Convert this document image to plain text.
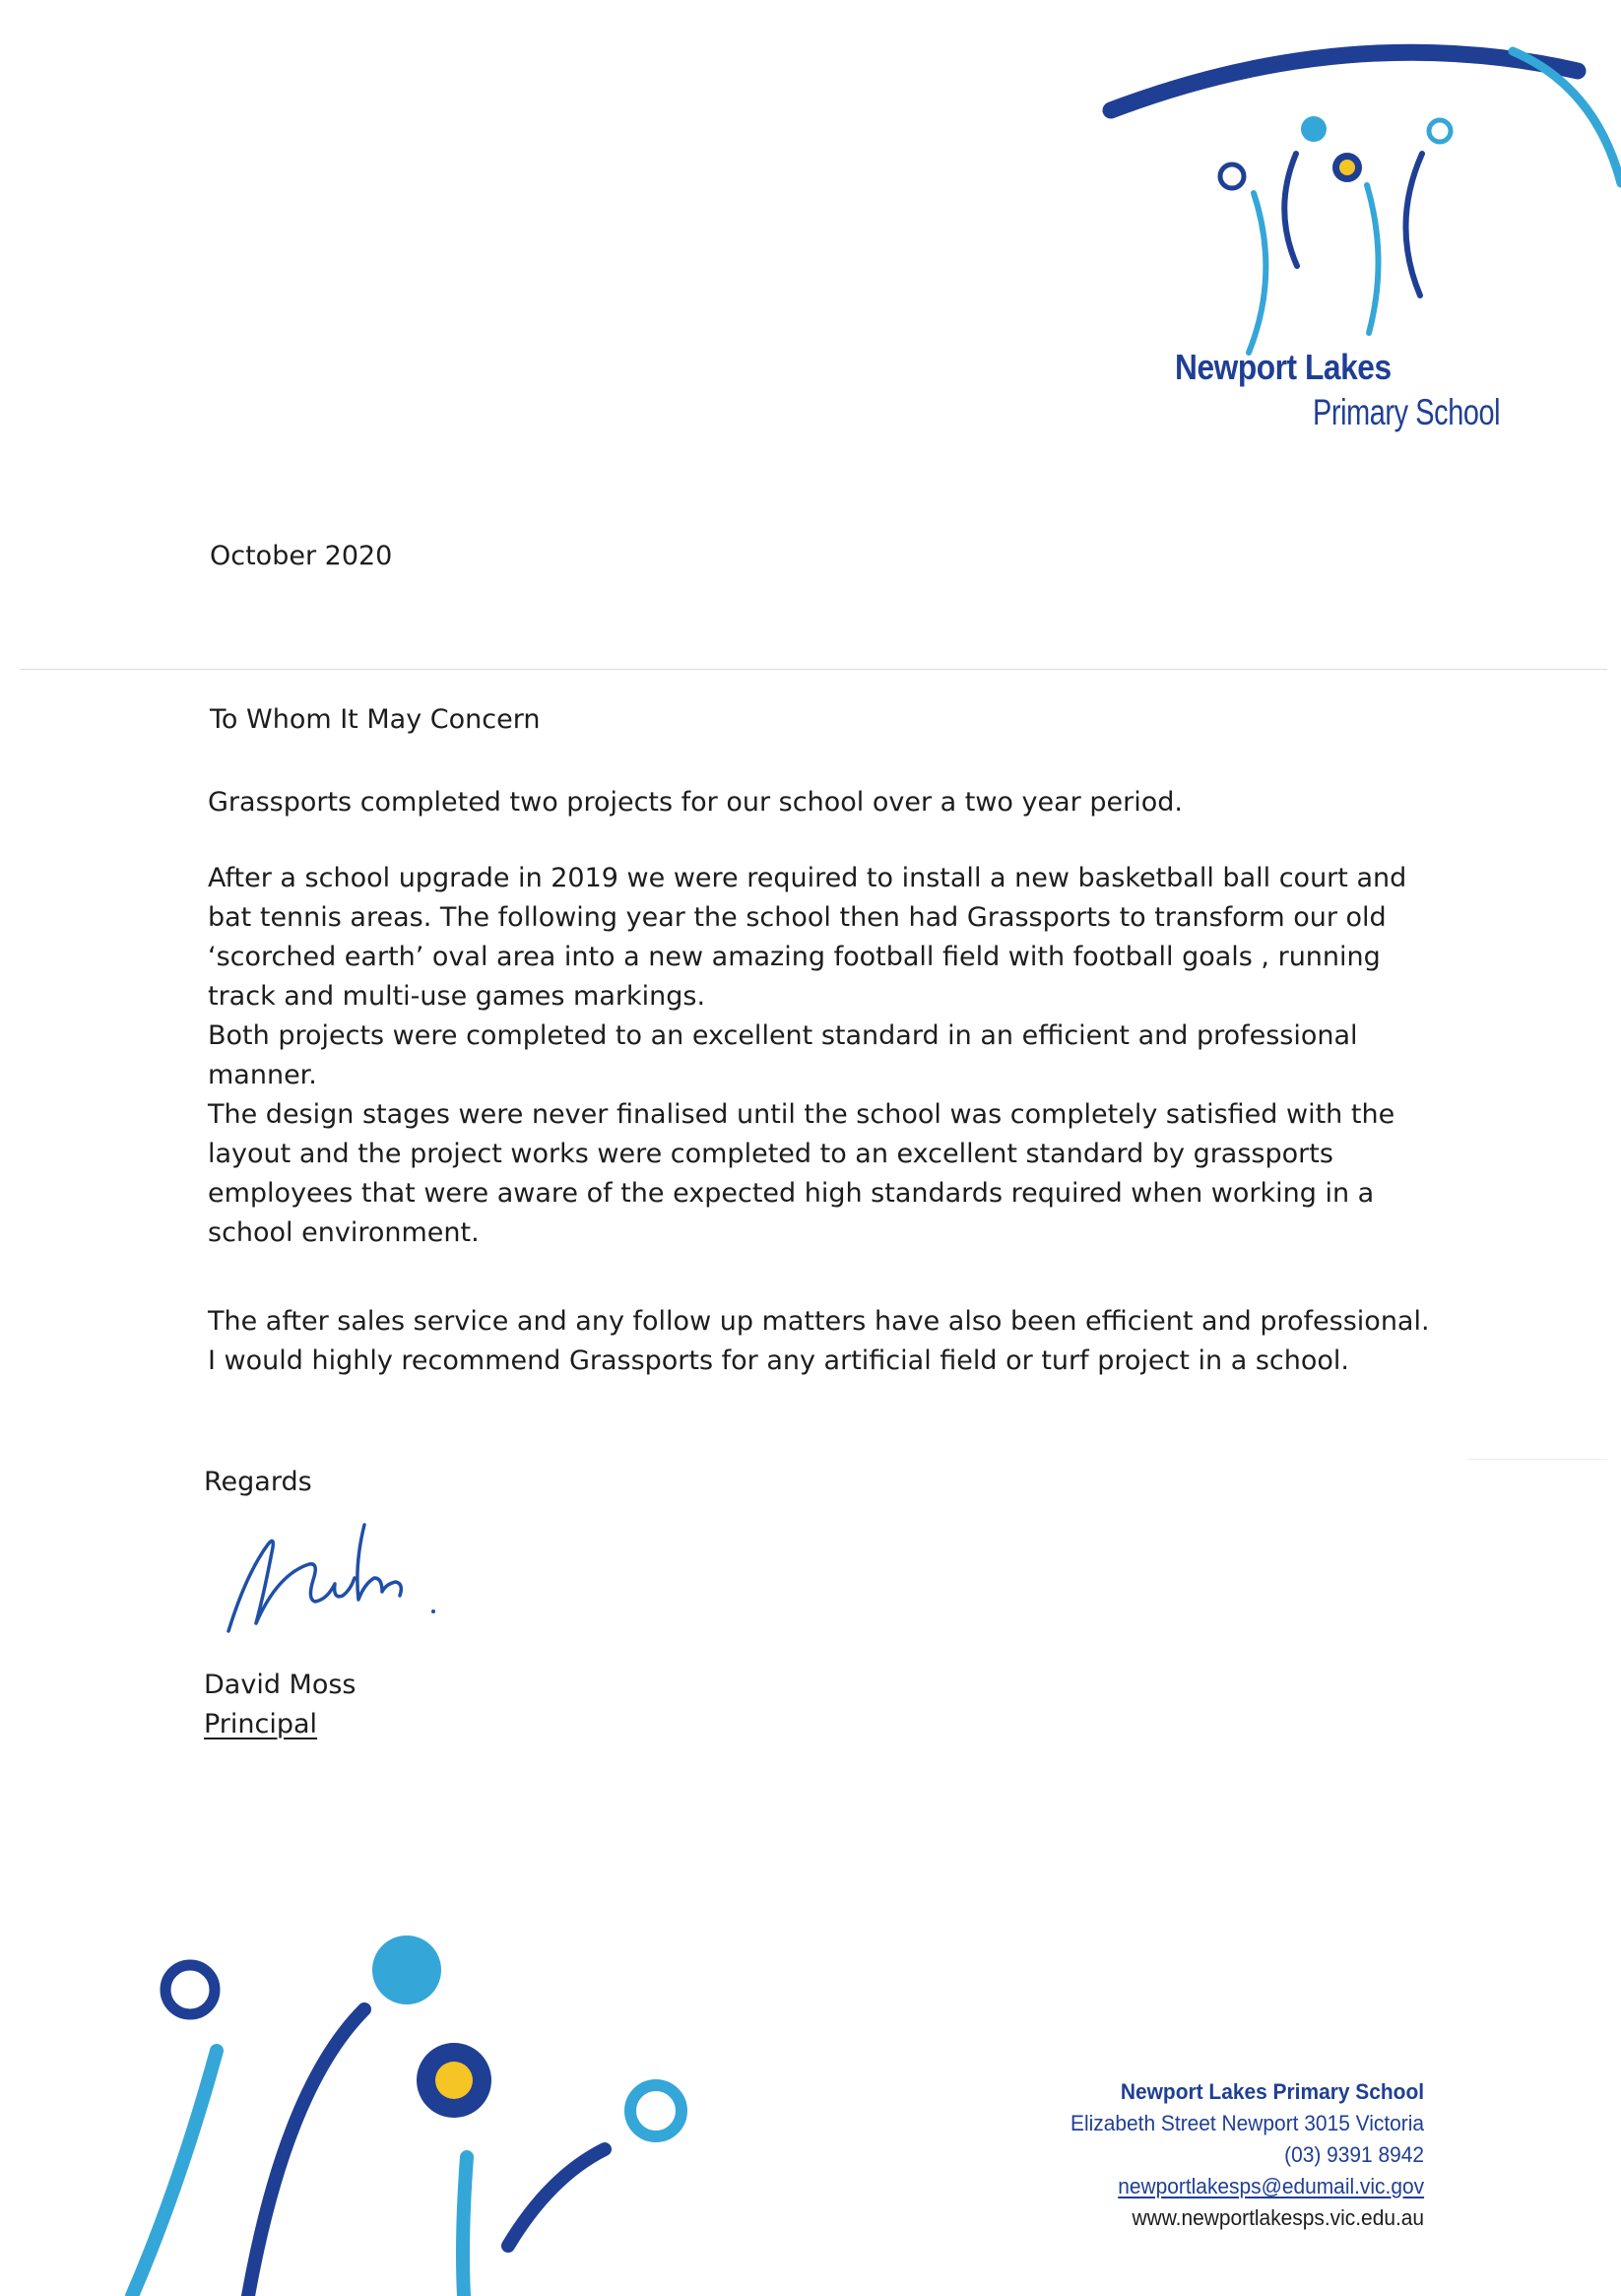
Newport Lakes
Primary School
October 2020
To Whom It May Concern

Grassports completed two projects for our school over a two year period.

After a school upgrade in 2019 we were required to install a new basketball ball court and
bat tennis areas. The following year the school then had Grassports to transform our old
‘scorched earth’ oval area into a new amazing football field with football goals , running
track and multi-use games markings.
Both projects were completed to an excellent standard in an efficient and professional
manner.
The design stages were never finalised until the school was completely satisfied with the
layout and the project works were completed to an excellent standard by grassports
employees that were aware of the expected high standards required when working in a
school environment.

The after sales service and any follow up matters have also been efficient and professional.
I would highly recommend Grassports for any artificial field or turf project in a school.

Regards
David Moss
Principal
Newport Lakes Primary School
Elizabeth Street Newport 3015 Victoria
(03) 9391 8942
newportlakesps@edumail.vic.gov
www.newportlakesps.vic.edu.au
